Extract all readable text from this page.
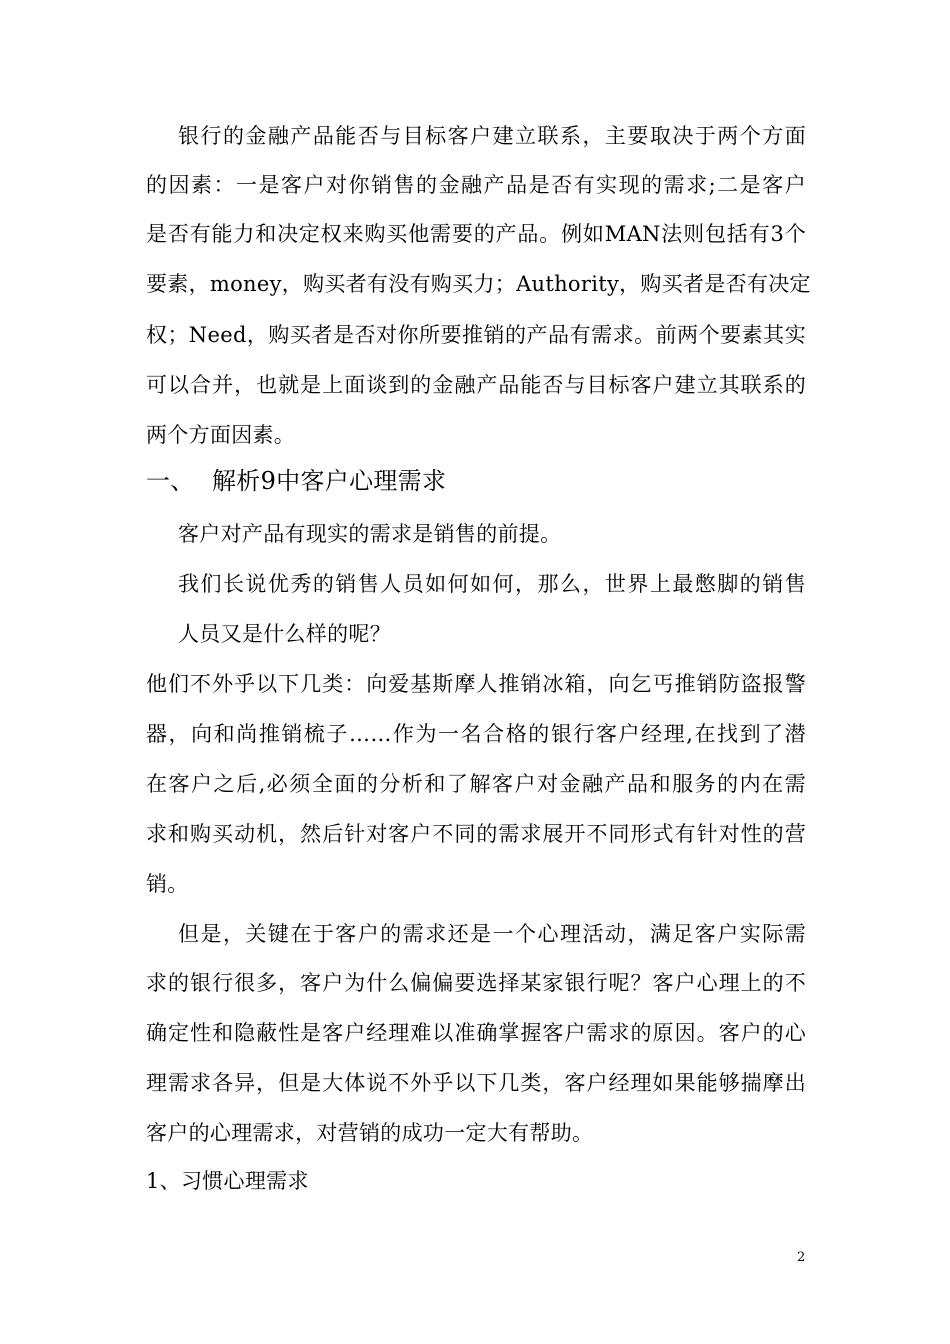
银行的金融产品能否与目标客户建立联系，主要取决于两个方面
的因素：一是客户对你销售的金融产品是否有实现的需求;二是客户
是否有能力和决定权来购买他需要的产品。例如MAN法则包括有3个
要素，money，购买者有没有购买力；Authority，购买者是否有决定
权；Need，购买者是否对你所要推销的产品有需求。前两个要素其实
可以合并，也就是上面谈到的金融产品能否与目标客户建立其联系的
两个方面因素。
一、 解析9中客户心理需求
客户对产品有现实的需求是销售的前提。
我们长说优秀的销售人员如何如何，那么，世界上最憋脚的销售
人员又是什么样的呢？
他们不外乎以下几类：向爱基斯摩人推销冰箱，向乞丐推销防盗报警
器，向和尚推销梳子……作为一名合格的银行客户经理,在找到了潜
在客户之后,必须全面的分析和了解客户对金融产品和服务的内在需
求和购买动机，然后针对客户不同的需求展开不同形式有针对性的营
销。
但是，关键在于客户的需求还是一个心理活动，满足客户实际需
求的银行很多，客户为什么偏偏要选择某家银行呢？客户心理上的不
确定性和隐蔽性是客户经理难以准确掌握客户需求的原因。客户的心
理需求各异，但是大体说不外乎以下几类，客户经理如果能够揣摩出
客户的心理需求，对营销的成功一定大有帮助。
1、习惯心理需求
2
